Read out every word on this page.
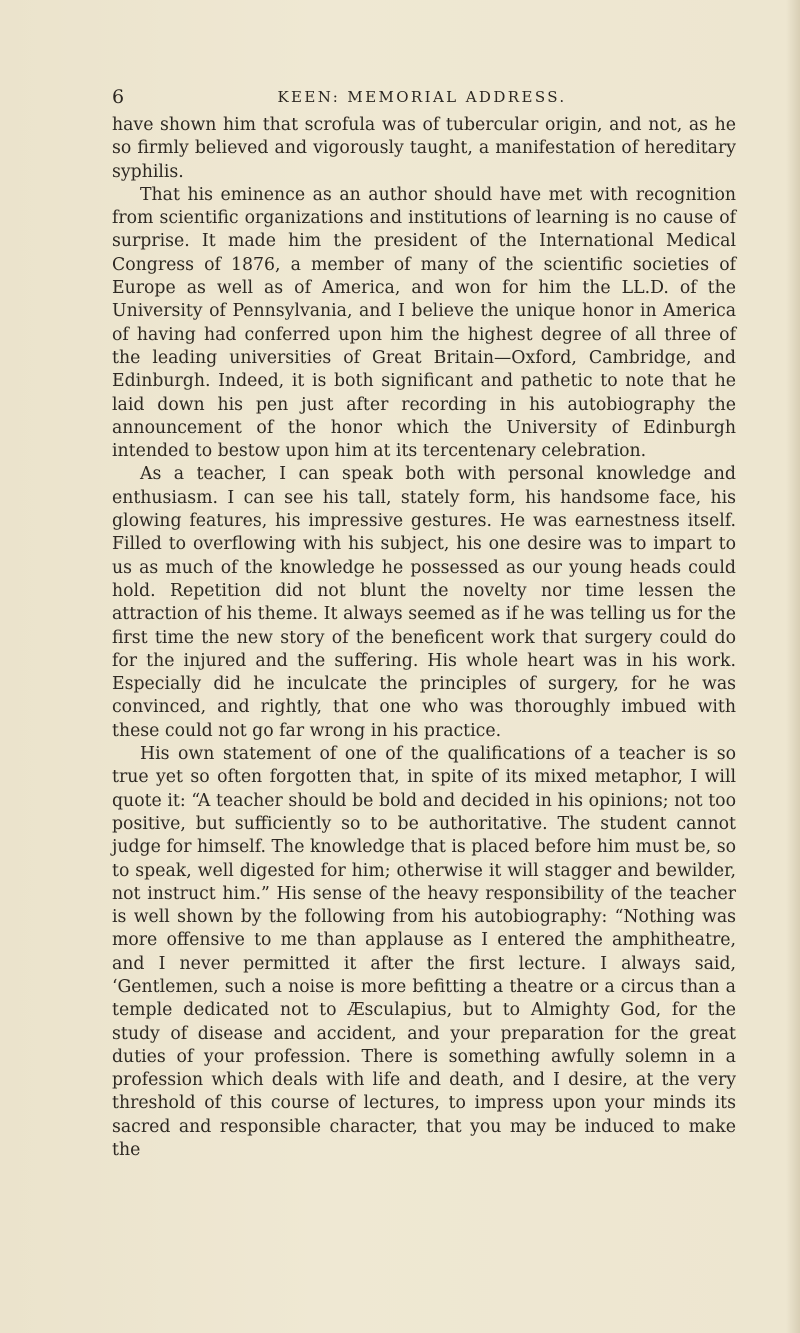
6	KEEN: MEMORIAL ADDRESS.

have shown him that scrofula was of tubercular origin, and not, as he so firmly believed and vigorously taught, a manifestation of hereditary syphilis.

That his eminence as an author should have met with recognition from scientific organizations and institutions of learning is no cause of surprise. It made him the president of the International Medical Congress of 1876, a member of many of the scientific societies of Europe as well as of America, and won for him the LL.D. of the University of Pennsylvania, and I believe the unique honor in America of having had conferred upon him the highest degree of all three of the leading universities of Great Britain—Oxford, Cambridge, and Edinburgh. Indeed, it is both significant and pathetic to note that he laid down his pen just after recording in his autobiography the announcement of the honor which the University of Edinburgh intended to bestow upon him at its tercentenary celebration.

As a teacher, I can speak both with personal knowledge and enthusiasm. I can see his tall, stately form, his handsome face, his glowing features, his impressive gestures. He was earnestness itself. Filled to overflowing with his subject, his one desire was to impart to us as much of the knowledge he possessed as our young heads could hold. Repetition did not blunt the novelty nor time lessen the attraction of his theme. It always seemed as if he was telling us for the first time the new story of the beneficent work that surgery could do for the injured and the suffering. His whole heart was in his work. Especially did he inculcate the principles of surgery, for he was convinced, and rightly, that one who was thoroughly imbued with these could not go far wrong in his practice.

His own statement of one of the qualifications of a teacher is so true yet so often forgotten that, in spite of its mixed metaphor, I will quote it: “A teacher should be bold and decided in his opinions; not too positive, but sufficiently so to be authoritative. The student cannot judge for himself. The knowledge that is placed before him must be, so to speak, well digested for him; otherwise it will stagger and bewilder, not instruct him.” His sense of the heavy responsibility of the teacher is well shown by the following from his autobiography: “Nothing was more offensive to me than applause as I entered the amphitheatre, and I never permitted it after the first lecture. I always said, ‘Gentlemen, such a noise is more befitting a theatre or a circus than a temple dedicated not to Æsculapius, but to Almighty God, for the study of disease and accident, and your preparation for the great duties of your profession. There is something awfully solemn in a profession which deals with life and death, and I desire, at the very threshold of this course of lectures, to impress upon your minds its sacred and responsible character, that you may be induced to make the
